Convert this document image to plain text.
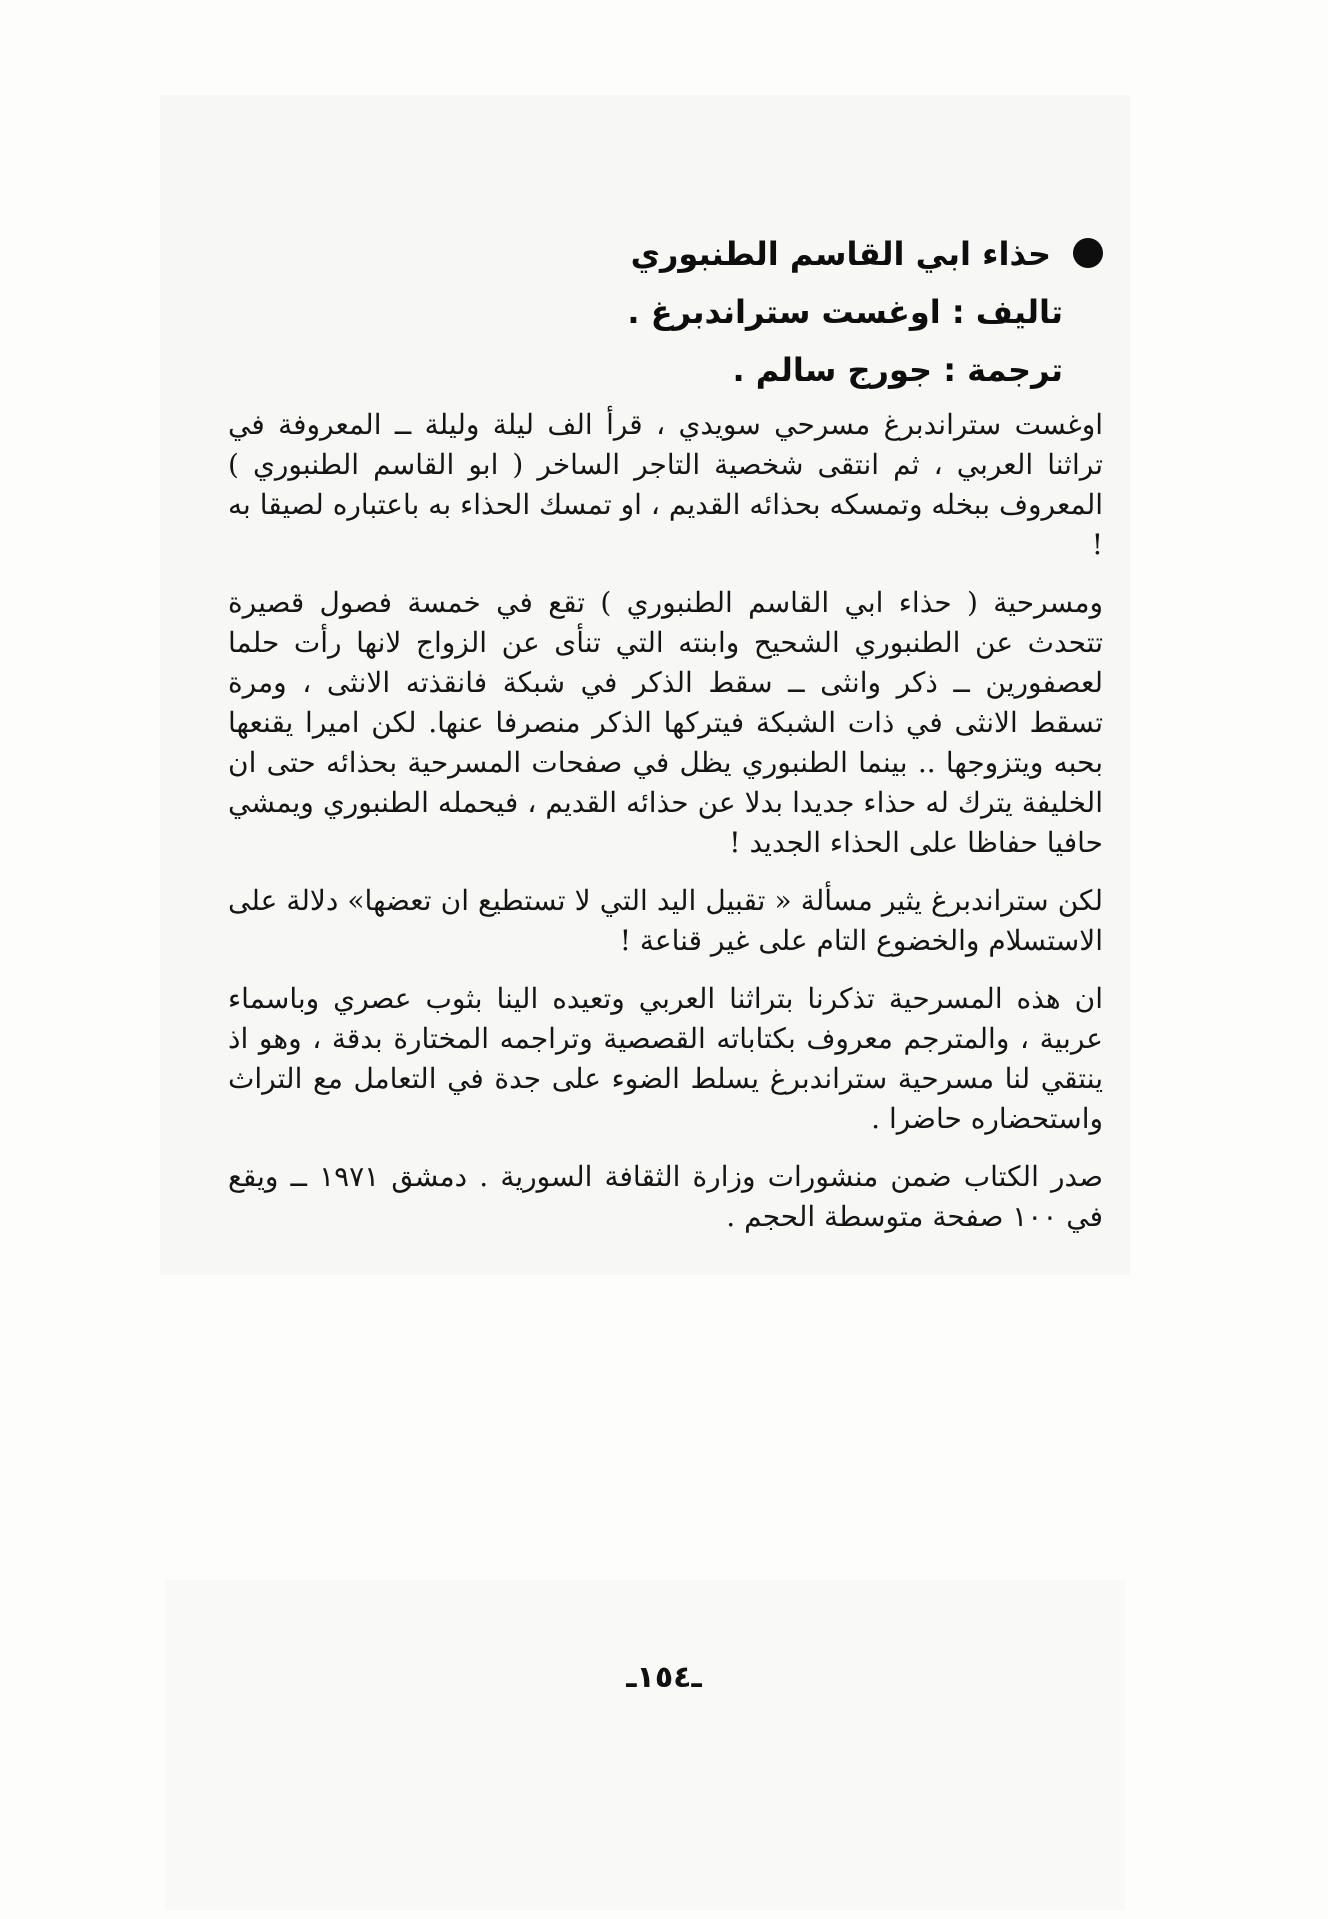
حذاء ابي القاسم الطنبوري

تاليف : اوغست ستراندبرغ .

ترجمة : جورج سالم .

اوغست ستراندبرغ مسرحي سويدي ، قرأ الف ليلة وليلة ــ المعروفة في تراثنا العربي ، ثم انتقى شخصية التاجر الساخر ( ابو القاسم الطنبوري ) المعروف ببخله وتمسكه بحذائه القديم ، او تمسك الحذاء به باعتباره لصيقا به !

ومسرحية ( حذاء ابي القاسم الطنبوري ) تقع في خمسة فصول قصيرة تتحدث عن الطنبوري الشحيح وابنته التي تنأى عن الزواج لانها رأت حلما لعصفورين ــ ذكر وانثى ــ سقط الذكر في شبكة فانقذته الانثى ، ومرة تسقط الانثى في ذات الشبكة فيتركها الذكر منصرفا عنها. لكن اميرا يقنعها بحبه ويتزوجها .. بينما الطنبوري يظل في صفحات المسرحية بحذائه حتى ان الخليفة يترك له حذاء جديدا بدلا عن حذائه القديم ، فيحمله الطنبوري ويمشي حافيا حفاظا على الحذاء الجديد !

لكن ستراندبرغ يثير مسألة « تقبيل اليد التي لا تستطيع ان تعضها» دلالة على الاستسلام والخضوع التام على غير قناعة !

ان هذه المسرحية تذكرنا بتراثنا العربي وتعيده الينا بثوب عصري وباسماء عربية ، والمترجم معروف بكتاباته القصصية وتراجمه المختارة بدقة ، وهو اذ ينتقي لنا مسرحية ستراندبرغ يسلط الضوء على جدة في التعامل مع التراث واستحضاره حاضرا .

صدر الكتاب ضمن منشورات وزارة الثقافة السورية . دمشق ١٩٧١ ــ ويقع في ١٠٠ صفحة متوسطة الحجم .

ـ١٥٤ـ
